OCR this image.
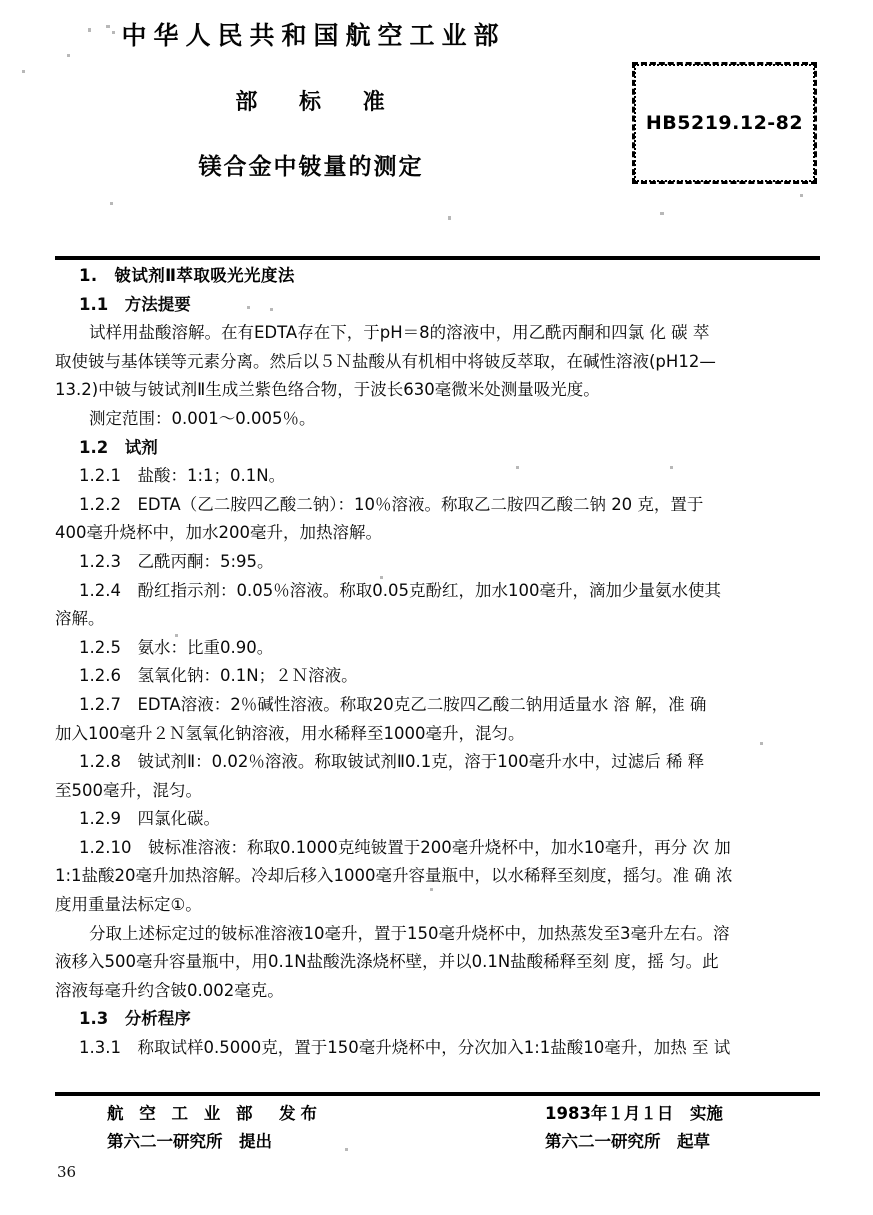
中华人民共和国航空工业部
部 标 准
镁合金中铍量的测定
HB5219.12-82
1.　铍试剂Ⅱ萃取吸光光度法
1.1　方法提要
试样用盐酸溶解。在有EDTA存在下，于pH＝8的溶液中，用乙酰丙酮和四氯 化 碳 萃
取使铍与基体镁等元素分离。然后以５Ｎ盐酸从有机相中将铍反萃取，在碱性溶液(pH12—
13.2)中铍与铍试剂Ⅱ生成兰紫色络合物，于波长630毫微米处测量吸光度。
测定范围：0.001～0.005％。
1.2　试剂
1.2.1　盐酸：1:1；0.1N。
1.2.2　EDTA（乙二胺四乙酸二钠）：10％溶液。称取乙二胺四乙酸二钠 20 克，置于
400毫升烧杯中，加水200毫升，加热溶解。
1.2.3　乙酰丙酮：5:95。
1.2.4　酚红指示剂：0.05％溶液。称取0.05克酚红，加水100毫升，滴加少量氨水使其
溶解。
1.2.5　氨水：比重0.90。
1.2.6　氢氧化钠：0.1N；２Ｎ溶液。
1.2.7　EDTA溶液：2％碱性溶液。称取20克乙二胺四乙酸二钠用适量水 溶 解，准 确
加入100毫升２Ｎ氢氧化钠溶液，用水稀释至1000毫升，混匀。
1.2.8　铍试剂Ⅱ：0.02％溶液。称取铍试剂Ⅱ0.1克，溶于100毫升水中，过滤后 稀 释
至500毫升，混匀。
1.2.9　四氯化碳。
1.2.10　铍标准溶液：称取0.1000克纯铍置于200毫升烧杯中，加水10毫升，再分 次 加
1:1盐酸20毫升加热溶解。冷却后移入1000毫升容量瓶中，以水稀释至刻度，摇匀。准 确 浓
度用重量法标定①。
分取上述标定过的铍标准溶液10毫升，置于150毫升烧杯中，加热蒸发至3毫升左右。溶
液移入500毫升容量瓶中，用0.1N盐酸洗涤烧杯壁，并以0.1N盐酸稀释至刻 度，摇 匀。此
溶液每毫升约含铍0.002毫克。
1.3　分析程序
1.3.1　称取试样0.5000克，置于150毫升烧杯中，分次加入1:1盐酸10毫升，加热 至 试
航 空 工 业 部　发布	1983年１月１日　实施
第六二一研究所　提出	第六二一研究所　起草
36
